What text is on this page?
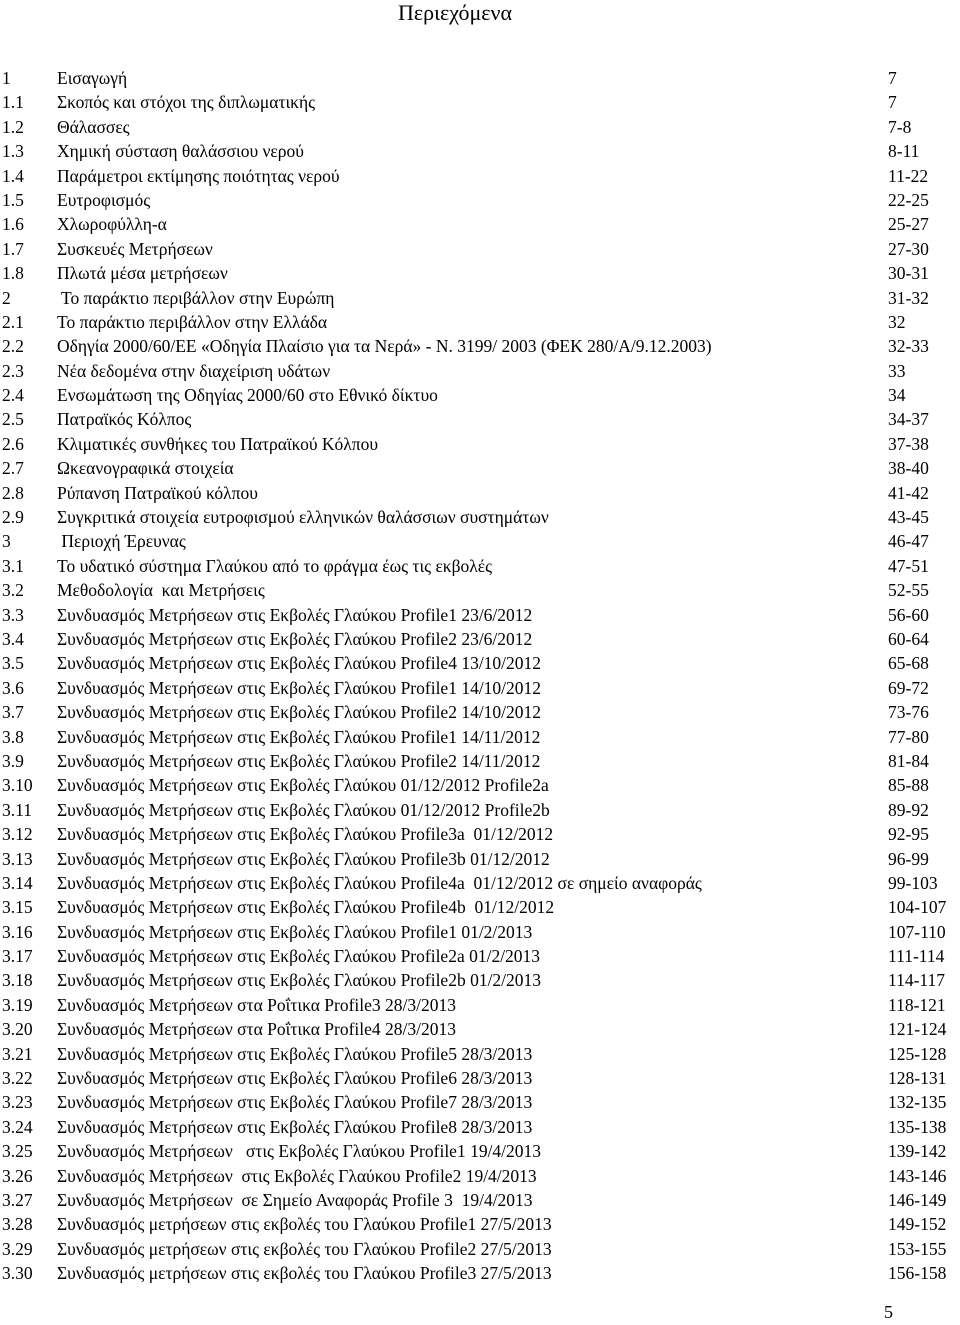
Περιεχόμενα
1	Εισαγωγή	7
1.1 Σκοπός και στόχοι της διπλωματικής	7
1.2 Θάλασσες	7-8
1.3 Χημική σύσταση θαλάσσιου νερού	8-11
1.4 Παράμετροι εκτίμησης ποιότητας νερού	11-22
1.5 Ευτροφισμός	22-25
1.6 Χλωροφύλλη-α	25-27
1.7 Συσκευές Μετρήσεων	27-30
1.8 Πλωτά μέσα μετρήσεων	30-31
2	Το παράκτιο περιβάλλον στην Ευρώπη	31-32
2.1 Το παράκτιο περιβάλλον στην Ελλάδα	32
2.2 Οδηγία 2000/60/ΕΕ «Οδηγία Πλαίσιο για τα Νερά» - Ν. 3199/ 2003 (ΦΕΚ 280/Α/9.12.2003)	32-33
2.3 Νέα δεδομένα στην διαχείριση υδάτων	33
2.4 Ενσωμάτωση της Οδηγίας 2000/60 στο Εθνικό δίκτυο	34
2.5 Πατραϊκός Κόλπος	34-37
2.6 Κλιματικές συνθήκες του Πατραϊκού Κόλπου	37-38
2.7 Ωκεανογραφικά στοιχεία	38-40
2.8 Ρύπανση Πατραϊκού κόλπου	41-42
2.9 Συγκριτικά στοιχεία ευτροφισμού ελληνικών θαλάσσιων συστημάτων	43-45
3	Περιοχή Έρευνας	46-47
3.1 Το υδατικό σύστημα Γλαύκου από το φράγμα έως τις εκβολές	47-51
3.2 Μεθοδολογία  και Μετρήσεις	52-55
3.3 Συνδυασμός Μετρήσεων στις Εκβολές Γλαύκου Profile1 23/6/2012	56-60
3.4 Συνδυασμός Μετρήσεων στις Εκβολές Γλαύκου Profile2 23/6/2012	60-64
3.5 Συνδυασμός Μετρήσεων στις Εκβολές Γλαύκου Profile4 13/10/2012	65-68
3.6 Συνδυασμός Μετρήσεων στις Εκβολές Γλαύκου Profile1 14/10/2012	69-72
3.7 Συνδυασμός Μετρήσεων στις Εκβολές Γλαύκου Profile2 14/10/2012	73-76
3.8 Συνδυασμός Μετρήσεων στις Εκβολές Γλαύκου Profile1 14/11/2012	77-80
3.9 Συνδυασμός Μετρήσεων στις Εκβολές Γλαύκου Profile2 14/11/2012	81-84
3.10 Συνδυασμός Μετρήσεων στις Εκβολές Γλαύκου 01/12/2012 Profile2a	85-88
3.11 Συνδυασμός Μετρήσεων στις Εκβολές Γλαύκου 01/12/2012 Profile2b	89-92
3.12 Συνδυασμός Μετρήσεων στις Εκβολές Γλαύκου Profile3a  01/12/2012	92-95
3.13 Συνδυασμός Μετρήσεων στις Εκβολές Γλαύκου Profile3b 01/12/2012	96-99
3.14 Συνδυασμός Μετρήσεων στις Εκβολές Γλαύκου Profile4a  01/12/2012 σε σημείο αναφοράς	99-103
3.15 Συνδυασμός Μετρήσεων στις Εκβολές Γλαύκου Profile4b  01/12/2012	104-107
3.16 Συνδυασμός Μετρήσεων στις Εκβολές Γλαύκου Profile1 01/2/2013	107-110
3.17 Συνδυασμός Μετρήσεων στις Εκβολές Γλαύκου Profile2a 01/2/2013	111-114
3.18 Συνδυασμός Μετρήσεων στις Εκβολές Γλαύκου Profile2b 01/2/2013	114-117
3.19 Συνδυασμός Μετρήσεων στα Ροΐτικα Profile3 28/3/2013	118-121
3.20 Συνδυασμός Μετρήσεων στα Ροΐτικα Profile4 28/3/2013	121-124
3.21 Συνδυασμός Μετρήσεων στις Εκβολές Γλαύκου Profile5 28/3/2013	125-128
3.22 Συνδυασμός Μετρήσεων στις Εκβολές Γλαύκου Profile6 28/3/2013	128-131
3.23 Συνδυασμός Μετρήσεων στις Εκβολές Γλαύκου Profile7 28/3/2013	132-135
3.24 Συνδυασμός Μετρήσεων στις Εκβολές Γλαύκου Profile8 28/3/2013	135-138
3.25 Συνδυασμός Μετρήσεων   στις Εκβολές Γλαύκου Profile1 19/4/2013	139-142
3.26 Συνδυασμός Μετρήσεων  στις Εκβολές Γλαύκου Profile2 19/4/2013	143-146
3.27 Συνδυασμός Μετρήσεων  σε Σημείο Αναφοράς Profile 3  19/4/2013	146-149
3.28 Συνδυασμός μετρήσεων στις εκβολές του Γλαύκου Profile1 27/5/2013	149-152
3.29 Συνδυασμός μετρήσεων στις εκβολές του Γλαύκου Profile2 27/5/2013	153-155
3.30 Συνδυασμός μετρήσεων στις εκβολές του Γλαύκου Profile3 27/5/2013	156-158
5
